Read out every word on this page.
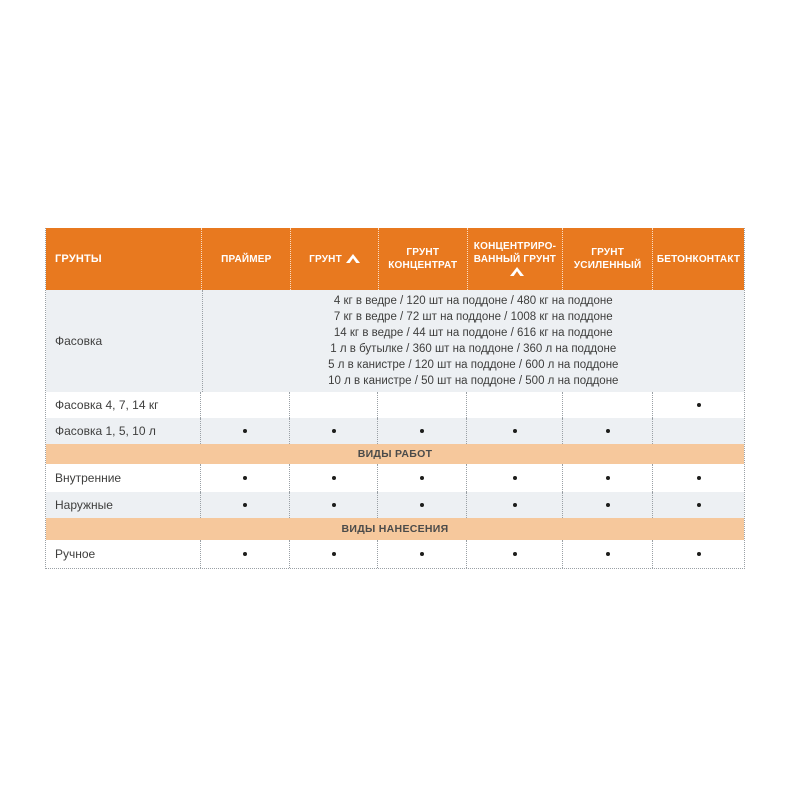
ГРУНТЫ	ПРАЙМЕР	ГРУНТ
ГРУНТ КОНЦЕНТРАТ
КОНЦЕНТРИРО-ВАННЫЙ ГРУНТ
ГРУНТ УСИЛЕННЫЙ
БЕТОНКОНТАКТ
Фасовка
4 кг в ведре / 120 шт на поддоне / 480 кг на поддоне
7 кг в ведре / 72 шт на поддоне / 1008 кг на поддоне
14 кг в ведре / 44 шт на поддоне / 616 кг на поддоне
1 л в бутылке / 360 шт на поддоне / 360 л на поддоне
5 л в канистре / 120 шт на поддоне / 600 л на поддоне
10 л в канистре / 50 шт на поддоне / 500 л на поддоне
Фасовка 4, 7, 14 кг
Фасовка 1, 5, 10 л
ВИДЫ РАБОТ
Внутренние
Наружные
ВИДЫ НАНЕСЕНИЯ
Ручное
